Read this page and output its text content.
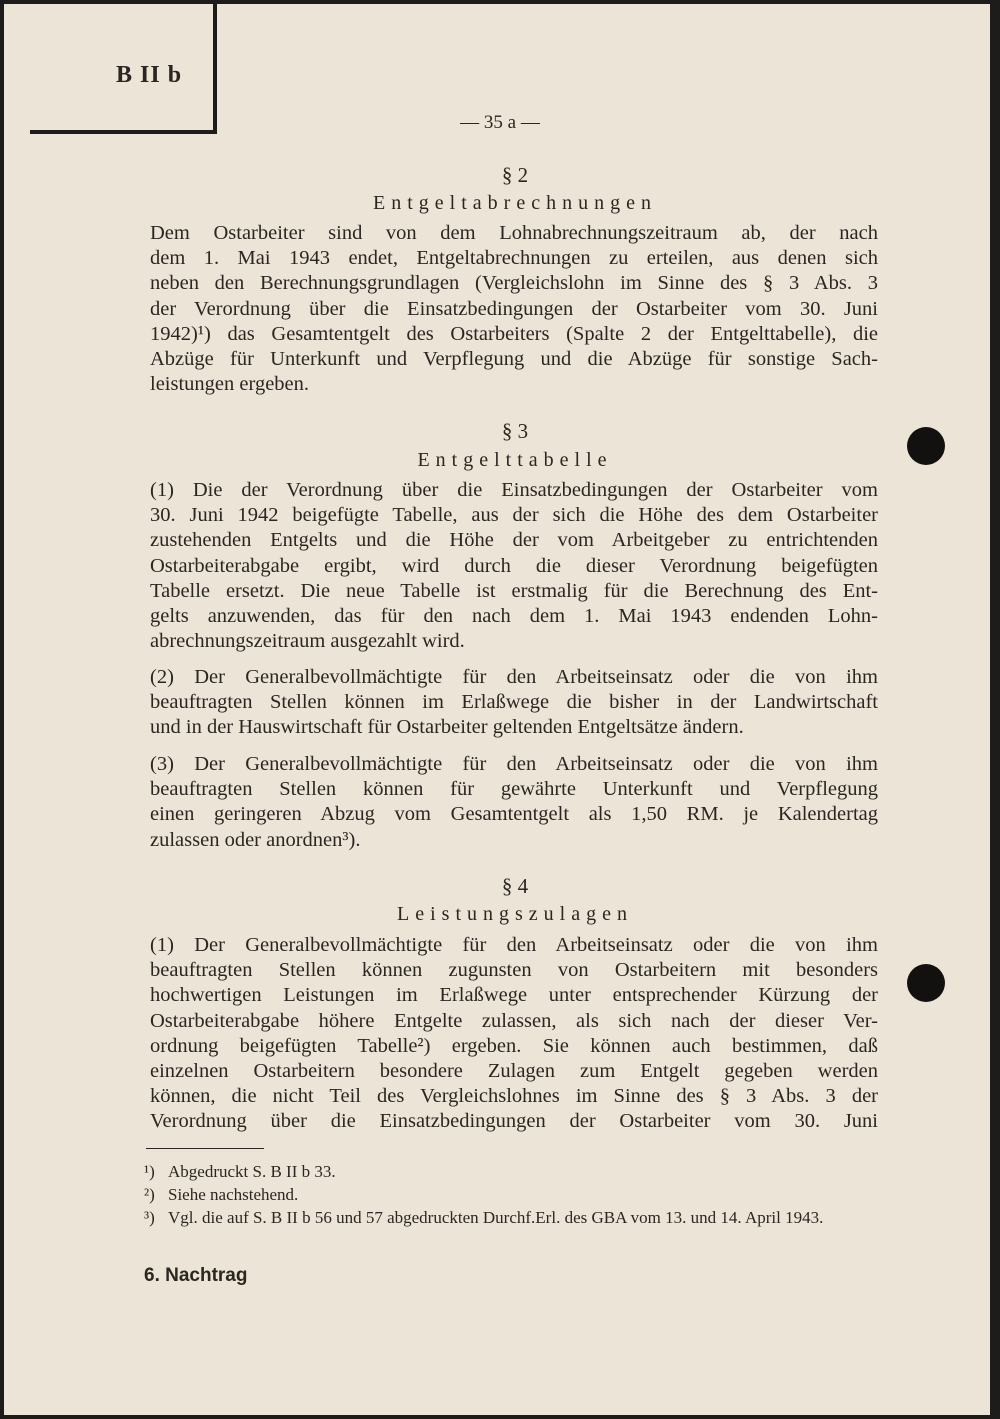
B II b
— 35 a —
§ 2
Entgeltabrechnungen
Dem Ostarbeiter sind von dem Lohnabrechnungszeitraum ab, der nach
dem 1. Mai 1943 endet, Entgeltabrechnungen zu erteilen, aus denen sich
neben den Berechnungsgrundlagen (Vergleichslohn im Sinne des § 3 Abs. 3
der Verordnung über die Einsatzbedingungen der Ostarbeiter vom 30. Juni
1942)¹) das Gesamtentgelt des Ostarbeiters (Spalte 2 der Entgelttabelle), die
Abzüge für Unterkunft und Verpflegung und die Abzüge für sonstige Sach-
leistungen ergeben.
§ 3
Entgelttabelle
(1) Die der Verordnung über die Einsatzbedingungen der Ostarbeiter vom
30. Juni 1942 beigefügte Tabelle, aus der sich die Höhe des dem Ostarbeiter
zustehenden Entgelts und die Höhe der vom Arbeitgeber zu entrichtenden
Ostarbeiterabgabe ergibt, wird durch die dieser Verordnung beigefügten
Tabelle ersetzt. Die neue Tabelle ist erstmalig für die Berechnung des Ent-
gelts anzuwenden, das für den nach dem 1. Mai 1943 endenden Lohn-
abrechnungszeitraum ausgezahlt wird.
(2) Der Generalbevollmächtigte für den Arbeitseinsatz oder die von ihm
beauftragten Stellen können im Erlaßwege die bisher in der Landwirtschaft
und in der Hauswirtschaft für Ostarbeiter geltenden Entgeltsätze ändern.
(3) Der Generalbevollmächtigte für den Arbeitseinsatz oder die von ihm
beauftragten Stellen können für gewährte Unterkunft und Verpflegung
einen geringeren Abzug vom Gesamtentgelt als 1,50 RM. je Kalendertag
zulassen oder anordnen³).
§ 4
Leistungszulagen
(1) Der Generalbevollmächtigte für den Arbeitseinsatz oder die von ihm
beauftragten Stellen können zugunsten von Ostarbeitern mit besonders
hochwertigen Leistungen im Erlaßwege unter entsprechender Kürzung der
Ostarbeiterabgabe höhere Entgelte zulassen, als sich nach der dieser Ver-
ordnung beigefügten Tabelle²) ergeben. Sie können auch bestimmen, daß
einzelnen Ostarbeitern besondere Zulagen zum Entgelt gegeben werden
können, die nicht Teil des Vergleichslohnes im Sinne des § 3 Abs. 3 der
Verordnung über die Einsatzbedingungen der Ostarbeiter vom 30. Juni
¹) Abgedruckt S. B II b 33.
²) Siehe nachstehend.
³) Vgl. die auf S. B II b 56 und 57 abgedruckten Durchf.Erl. des GBA vom 13. und 14. April 1943.
6. Nachtrag
